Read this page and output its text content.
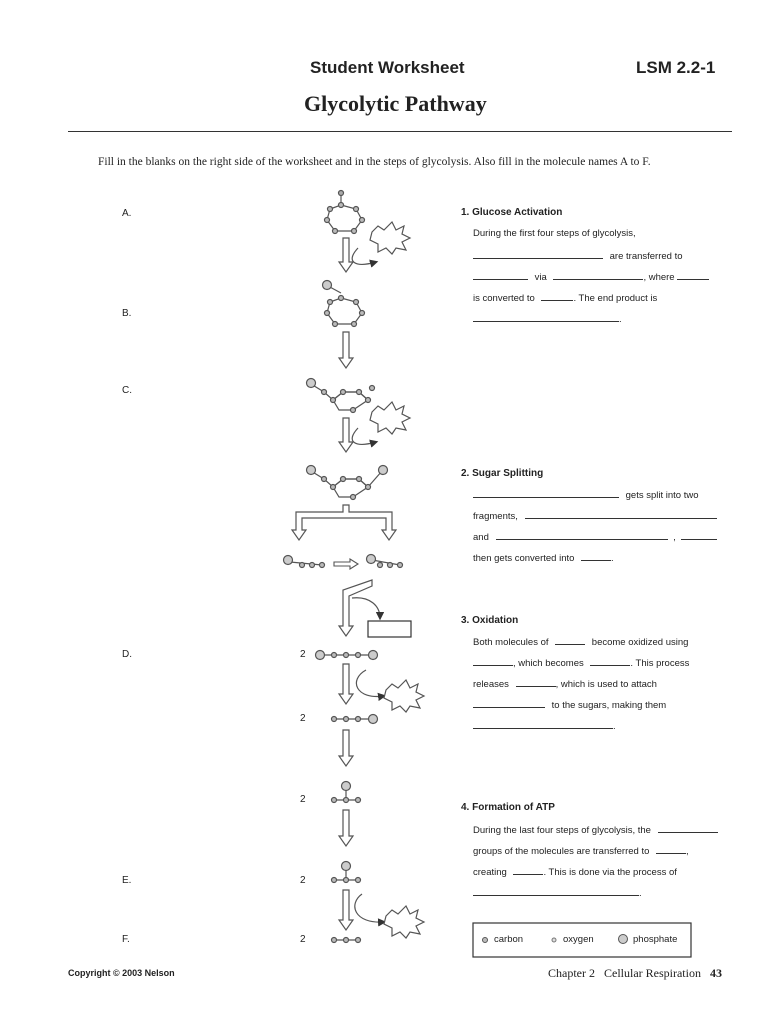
Student Worksheet	LSM 2.2-1
Glycolytic Pathway
Fill in the blanks on the right side of the worksheet and in the steps of glycolysis. Also fill in the molecule names A to F.
A.
B.
C.
D.
E.
F.
2
2
2
2
2	carbon	oxygen	phosphate
1. Glucose Activation
During the first four steps of glycolysis,
are transferred to
via	, where
is converted to	. The end product is
.
2. Sugar Splitting
gets split into two
fragments,
and	,
then gets converted into	.
3. Oxidation
Both molecules of	become oxidized using
, which becomes	. This process
releases	, which is used to attach
to the sugars, making them
.
4. Formation of ATP
During the last four steps of glycolysis, the
groups of the molecules are transferred to	,
creating	. This is done via the process of
.
Copyright © 2003 Nelson	Chapter 2 Cellular Respiration 43
